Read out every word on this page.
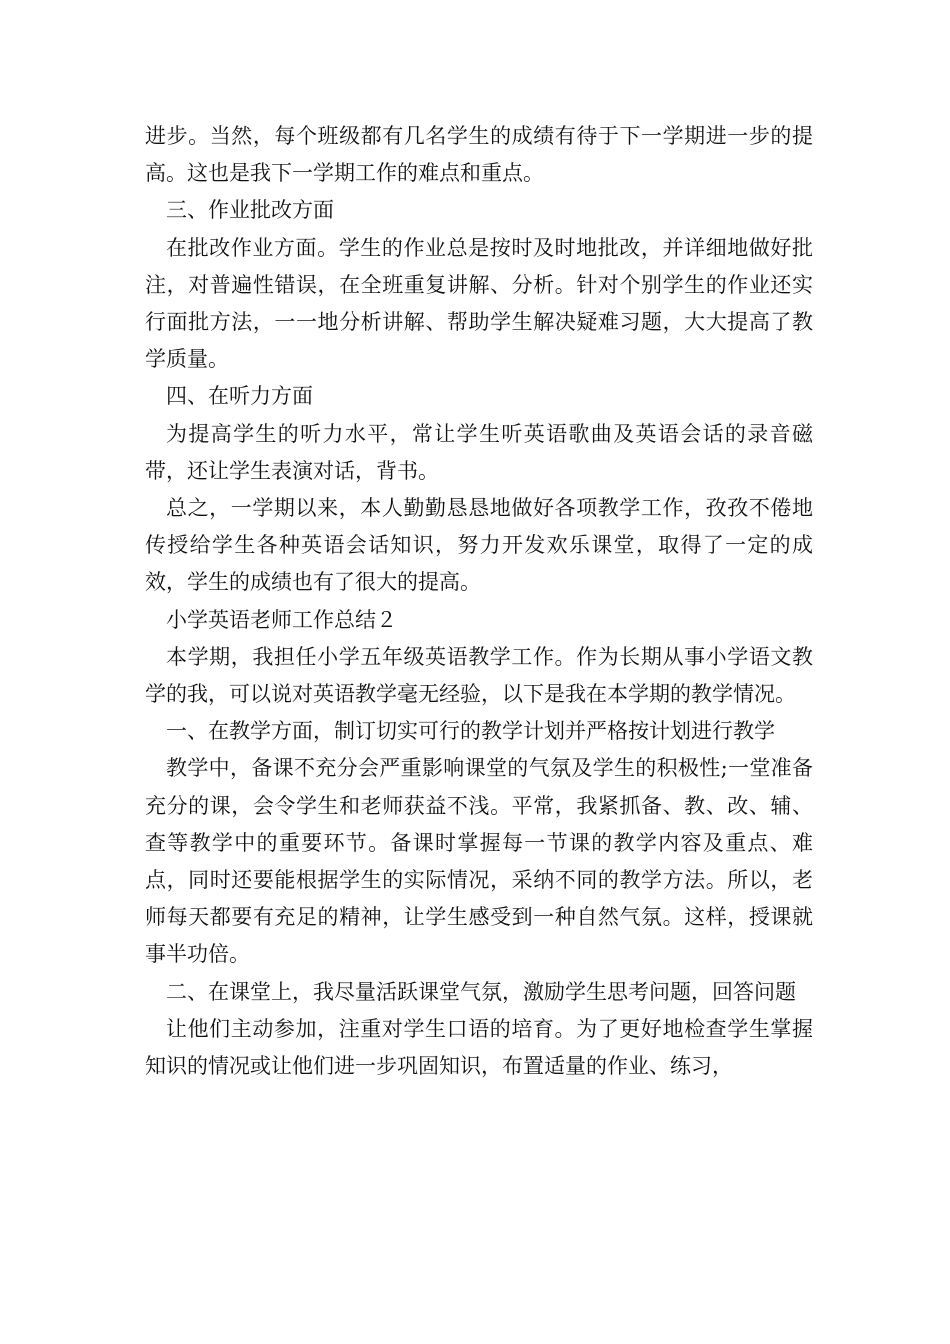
进步。当然，每个班级都有几名学生的成绩有待于下一学期进一步的提高。这也是我下一学期工作的难点和重点。

三、作业批改方面

在批改作业方面。学生的作业总是按时及时地批改，并详细地做好批注，对普遍性错误，在全班重复讲解、分析。针对个别学生的作业还实行面批方法，一一地分析讲解、帮助学生解决疑难习题，大大提高了教学质量。

四、在听力方面

为提高学生的听力水平，常让学生听英语歌曲及英语会话的录音磁带，还让学生表演对话，背书。

总之，一学期以来，本人勤勤恳恳地做好各项教学工作，孜孜不倦地传授给学生各种英语会话知识，努力开发欢乐课堂，取得了一定的成效，学生的成绩也有了很大的提高。

小学英语老师工作总结２

本学期，我担任小学五年级英语教学工作。作为长期从事小学语文教学的我，可以说对英语教学毫无经验，以下是我在本学期的教学情况。

一、在教学方面，制订切实可行的教学计划并严格按计划进行教学

教学中，备课不充分会严重影响课堂的气氛及学生的积极性;一堂准备充分的课，会令学生和老师获益不浅。平常，我紧抓备、教、改、辅、查等教学中的重要环节。备课时掌握每一节课的教学内容及重点、难点，同时还要能根据学生的实际情况，采纳不同的教学方法。所以，老师每天都要有充足的精神，让学生感受到一种自然气氛。这样，授课就事半功倍。

二、在课堂上，我尽量活跃课堂气氛，激励学生思考问题，回答问题

让他们主动参加，注重对学生口语的培育。为了更好地检查学生掌握知识的情况或让他们进一步巩固知识，布置适量的作业、练习，
